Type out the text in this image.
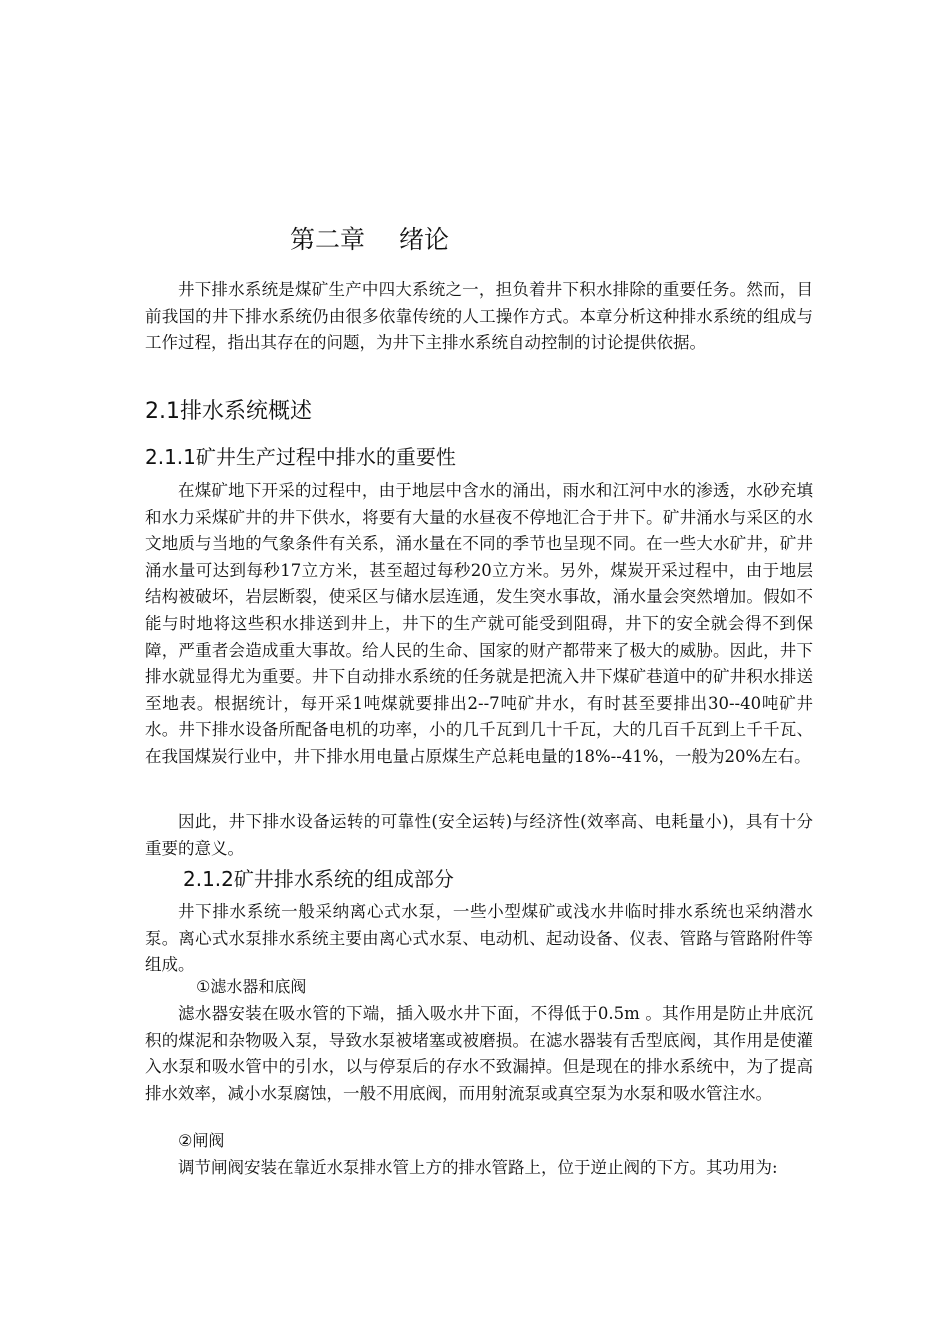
第二章 绪论

井下排水系统是煤矿生产中四大系统之一，担负着井下积水排除的重要任务。然而，目前我国的井下排水系统仍由很多依靠传统的人工操作方式。本章分析这种排水系统的组成与工作过程，指出其存在的问题，为井下主排水系统自动控制的讨论提供依据。

2.1排水系统概述
2.1.1矿井生产过程中排水的重要性

在煤矿地下开采的过程中，由于地层中含水的涌出，雨水和江河中水的渗透，水砂充填和水力采煤矿井的井下供水，将要有大量的水昼夜不停地汇合于井下。矿井涌水与采区的水文地质与当地的气象条件有关系，涌水量在不同的季节也呈现不同。在一些大水矿井，矿井涌水量可达到每秒17立方米，甚至超过每秒20立方米。另外，煤炭开采过程中，由于地层结构被破坏，岩层断裂，使采区与储水层连通，发生突水事故，涌水量会突然增加。假如不能与时地将这些积水排送到井上，井下的生产就可能受到阻碍，井下的安全就会得不到保障，严重者会造成重大事故。给人民的生命、国家的财产都带来了极大的威胁。因此，井下排水就显得尤为重要。井下自动排水系统的任务就是把流入井下煤矿巷道中的矿井积水排送至地表。根据统计，每开采1吨煤就要排出2--7吨矿井水，有时甚至要排出30--40吨矿井水。井下排水设备所配备电机的功率，小的几千瓦到几十千瓦，大的几百千瓦到上千千瓦、在我国煤炭行业中，井下排水用电量占原煤生产总耗电量的18%--41%，一般为20%左右。

因此，井下排水设备运转的可靠性(安全运转)与经济性(效率高、电耗量小)，具有十分重要的意义。

2.1.2矿井排水系统的组成部分

井下排水系统一般采纳离心式水泵，一些小型煤矿或浅水井临时排水系统也采纳潜水泵。离心式水泵排水系统主要由离心式水泵、电动机、起动设备、仪表、管路与管路附件等组成。

①滤水器和底阀

滤水器安装在吸水管的下端，插入吸水井下面，不得低于0.5m 。其作用是防止井底沉积的煤泥和杂物吸入泵，导致水泵被堵塞或被磨损。在滤水器装有舌型底阀，其作用是使灌入水泵和吸水管中的引水，以与停泵后的存水不致漏掉。但是现在的排水系统中，为了提高排水效率，减小水泵腐蚀，一般不用底阀，而用射流泵或真空泵为水泵和吸水管注水。

②闸阀

调节闸阀安装在靠近水泵排水管上方的排水管路上，位于逆止阀的下方。其功用为:
